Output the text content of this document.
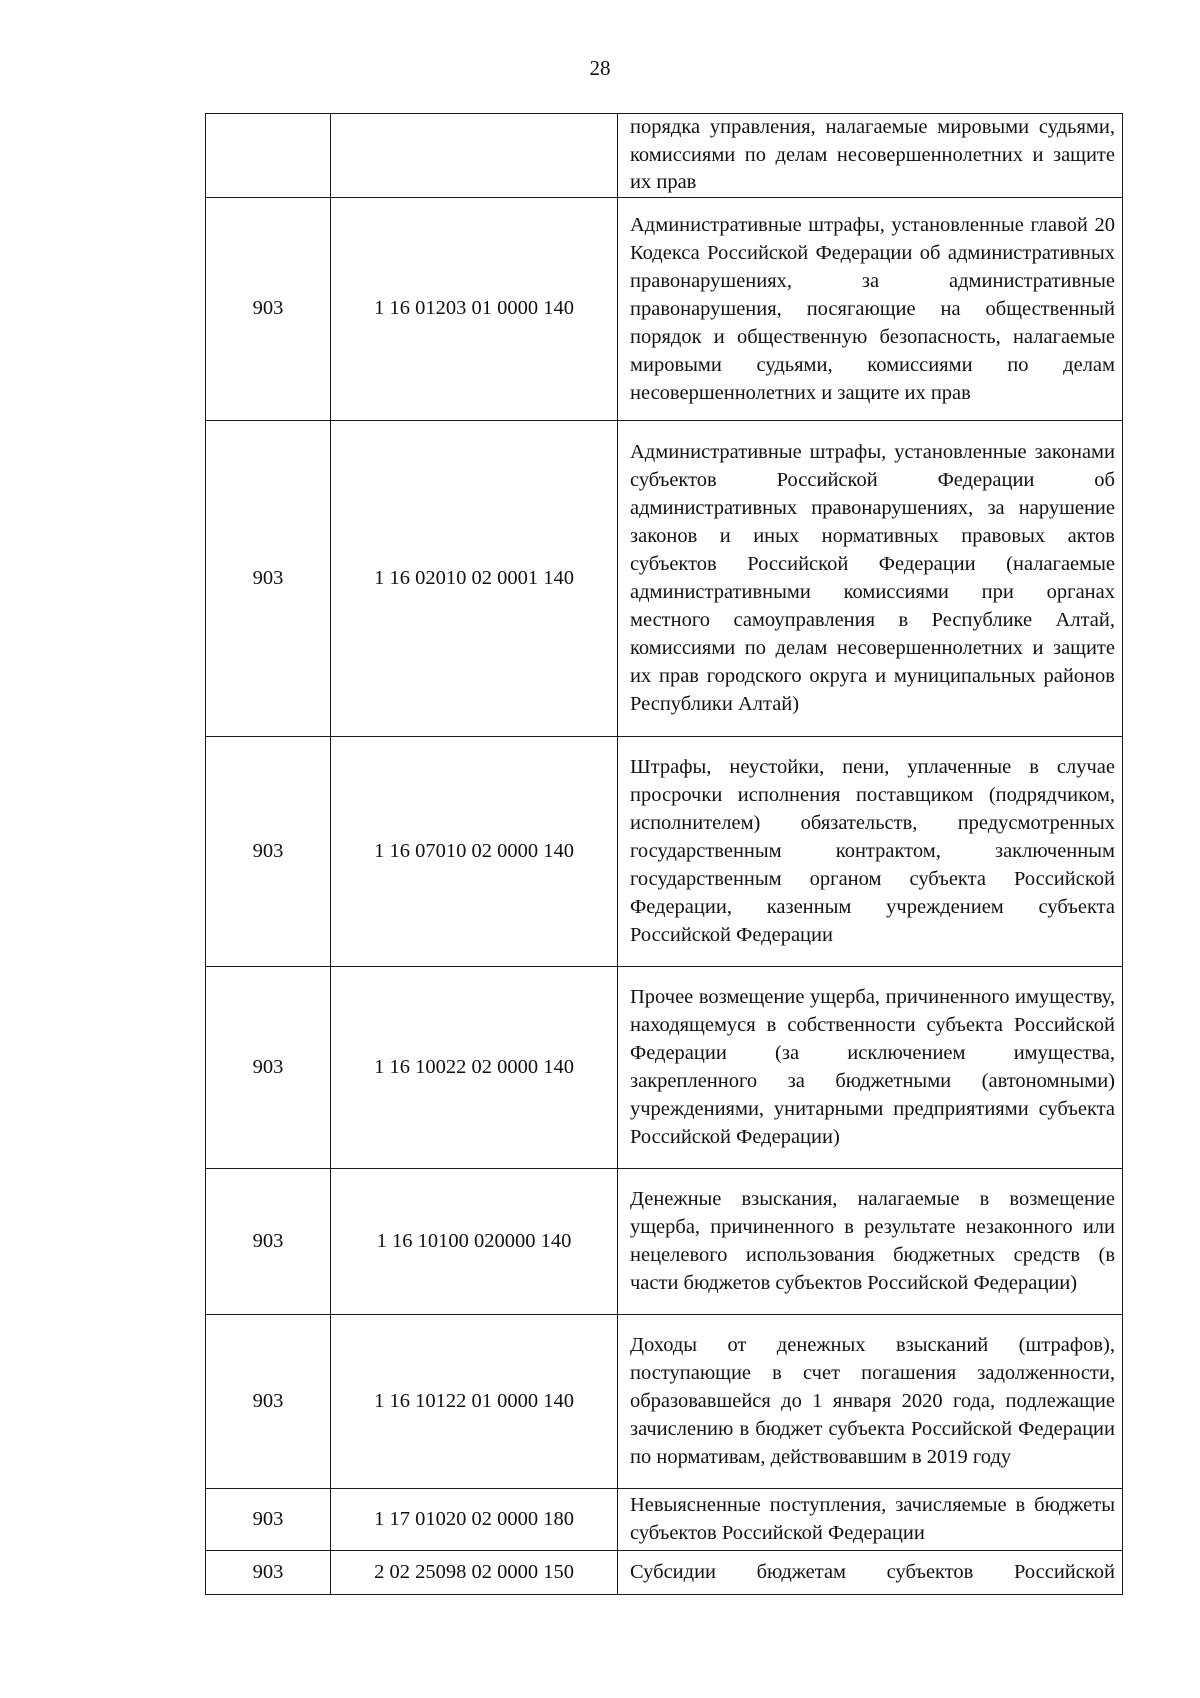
28
		порядка управления, налагаемые мировыми судьями, комиссиями по делам несовершеннолетних и защите их прав
903	1 16 01203 01 0000 140	Административные штрафы, установленные главой 20 Кодекса Российской Федерации об административных правонарушениях, за административные правонарушения, посягающие на общественный порядок и общественную безопасность, налагаемые мировыми судьями, комиссиями по делам несовершеннолетних и защите их прав
903	1 16 02010 02 0001 140	Административные штрафы, установленные законами субъектов Российской Федерации об административных правонарушениях, за нарушение законов и иных нормативных правовых актов субъектов Российской Федерации (налагаемые административными комиссиями при органах местного самоуправления в Республике Алтай, комиссиями по делам несовершеннолетних и защите их прав городского округа и муниципальных районов Республики Алтай)
903	1 16 07010 02 0000 140	Штрафы, неустойки, пени, уплаченные в случае просрочки исполнения поставщиком (подрядчиком, исполнителем) обязательств, предусмотренных государственным контрактом, заключенным государственным органом субъекта Российской Федерации, казенным учреждением субъекта Российской Федерации
903	1 16 10022 02 0000 140	Прочее возмещение ущерба, причиненного имуществу, находящемуся в собственности субъекта Российской Федерации (за исключением имущества, закрепленного за бюджетными (автономными) учреждениями, унитарными предприятиями субъекта Российской Федерации)
903	1 16 10100 020000 140	Денежные взыскания, налагаемые в возмещение ущерба, причиненного в результате незаконного или нецелевого использования бюджетных средств (в части бюджетов субъектов Российской Федерации)
903	1 16 10122 01 0000 140	Доходы от денежных взысканий (штрафов), поступающие в счет погашения задолженности, образовавшейся до 1 января 2020 года, подлежащие зачислению в бюджет субъекта Российской Федерации по нормативам, действовавшим в 2019 году
903	1 17 01020 02 0000 180	Невыясненные поступления, зачисляемые в бюджеты субъектов Российской Федерации
903	2 02 25098 02 0000 150	Субсидии бюджетам субъектов Российской
